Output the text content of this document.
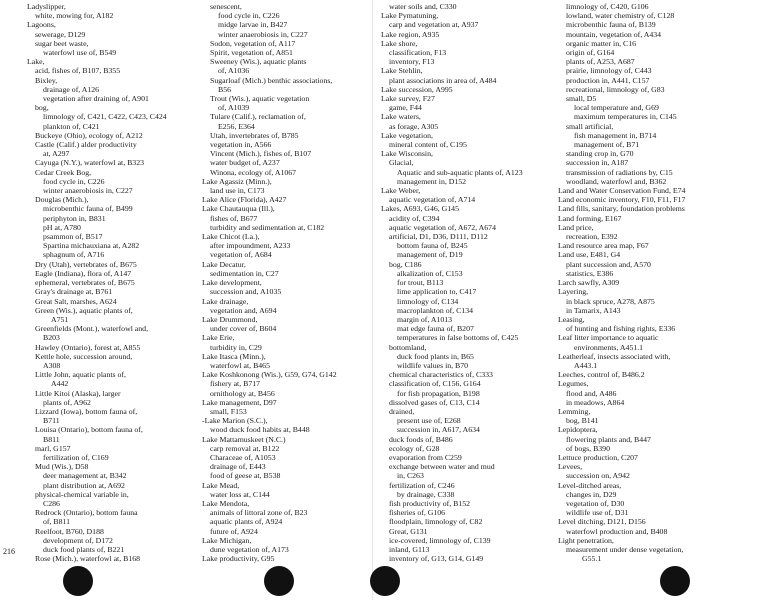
Ladyslipper,
white, mowing for, A182
Lagoons,
sewerage, D129
sugar beet waste,
waterfowl use of, B549
Lake,
acid, fishes of, B107, B355
Bixley,
drainage of, A126
vegetation after draining of, A901
bog,
limnology of, C421, C422, C423, C424
plankton of, C421
Buckeye (Ohio), ecology of, A212
Castle (Calif.) alder productivity
at, A297
Cayuga (N.Y.), waterfowl at, B323
Cedar Creek Bog,
food cycle in, C226
winter anaerobiosis in, C227
Douglas (Mich.),
microbenthic fauna of, B499
periphyton in, B831
pH at, A780
psammon of, B517
Spartina michauxiana at, A282
sphagnum of, A716
Dry (Utah), vertebrates of, B675
Eagle (Indiana), flora of, A147
ephemeral, vertebrates of, B675
Gray's drainage at, B761
Great Salt, marshes, A624
Green (Wis.), aquatic plants of,
A751
Greenfields (Mont.), waterfowl and,
B203
Hawley (Ontario), forest at, A855
Kettle hole, succession around,
A308
Little John, aquatic plants of,
A442
Little Kitoi (Alaska), larger
plants of, A962
Lizzard (Iowa), bottom fauna of,
B711
Louisa (Ontario), bottom fauna of,
B811
marl, G157
fertilization of, C169
Mud (Wis.), D58
deer management at, B342
plant distribution at, A692
physical-chemical variable in,
C286
Redrock (Ontario), bottom fauna
of, B811
Reelfoot, B760, D188
development of, D172
duck food plants of, B221
Rose (Mich.), waterfowl at, B168
senescent,
food cycle in, C226
midge larvae in, B427
winter anaerobiosis in, C227
Sodon, vegetation of, A117
Spirit, vegetation of, A851
Sweeney (Wis.), aquatic plants
of, A1036
Sugarloaf (Mich.) benthic associations,
B56
Trout (Wis.), aquatic vegetation
of, A1039
Tulare (Calif.), reclamation of,
E256, E364
Utah, invertebrates of, B785
vegetation in, A566
Vincent (Mich.), fishes of, B107
water budget of, A237
Winona, ecology of, A1067
Lake Agassiz (Minn.),
land use in, C173
Lake Alice (Florida), A427
Lake Chautauqua (Ill.),
fishes of, B677
turbidity and sedimentation at, C182
Lake Chicot (La.),
after impoundment, A233
vegetation of, A684
Lake Decatur,
sedimentation in, C27
Lake development,
succession and, A1035
Lake drainage,
vegetation and, A694
Lake Drummond,
under cover of, B604
Lake Erie,
turbidity in, C29
Lake Itasca (Minn.),
waterfowl at, B465
Lake Koshkonong (Wis.), G59, G74, G142
fishery at, B717
ornithology at, B456
Lake management, D97
small, F153
-Lake Marion (S.C.),
wood duck food habits at, B448
Lake Mattamuskeet (N.C.)
carp removal at, B122
Characeae of, A1053
drainage of, E443
food of geese at, B538
Lake Mead,
water loss at, C144
Lake Mendota,
animals of littoral zone of, B23
aquatic plants of, A924
future of, A924
Lake Michigan,
dune vegetation of, A173
Lake productivity, G95
water soils and, C330
Lake Pymatuning,
carp and vegetation at, A937
Lake region, A935
Lake shore,
classification, F13
inventory, F13
Lake Stehlin,
plant associations in area of, A484
Lake succession, A995
Lake survey, F27
game, F44
Lake waters,
as forage, A305
Lake vegetation,
mineral content of, C195
Lake Wisconsin,
Glacial,
Aquatic and sub-aquatic plants of, A123
management in, D152
Lake Weber,
aquatic vegetation of, A714
Lakes, A693, G46, G145
acidity of, C394
aquatic vegetation of, A672, A674
artificial, D1, D36, D111, D112
bottom fauna of, B245
management of, D19
bog, C186
alkalization of, C153
for trout, B113
lime application to, C417
limnology of, C134
macroplankton of, C134
margin of, A1013
mat edge fauna of, B207
temperatures in false bottoms of, C425
bottomland,
duck food plants in, B65
wildlife values in, B70
chemical characteristics of, C333
classification of, C156, G164
for fish propagation, B198
dissolved gases of, C13, C14
drained,
present use of, E268
succession in, A617, A634
duck foods of, B486
ecology of, G28
evaporation from C259
exchange between water and mud
in, C263
fertilization of, C246
by drainage, C338
fish productivity of, B152
fisheries of, G106
floodplain, limnology of, C82
Great, G131
ice-covered, limnology of, C139
inland, G113
inventory of, G13, G14, G149
limnology of, C420, G106
lowland, water chemistry of, C128
microbenthic fauna of, B139
mountain, vegetation of, A434
organic matter in, C16
origin of, G164
plants of, A253, A687
prairie, limnology of, C443
production in, A441, C157
recreational, limnology of, G83
small, D5
local temperature and, G69
maximum temperatures in, C145
small artificial,
fish management in, B714
management of, B71
standing crop in, G70
succession in, A187
transmission of radiations by, C15
woodland, waterfowl and, B362
Land and Water Conservation Fund, E74
Land economic inventory, F10, F11, F17
Land fills, sanitary, foundation problems
Land forming, E167
Land price,
recreation, E392
Land resource area map, F67
Land use, E481, G4
plant succession and, A570
statistics, E386
Larch sawfly, A309
Layering,
in black spruce, A278, A875
in Tamarix, A143
Leasing,
of hunting and fishing rights, E336
Leaf litter importance to aquatic
environments, A451.1
Leatherleaf, insects associated with,
A443.1
Leeches, control of, B486.2
Legumes,
flood and, A486
in meadows, A864
Lemming,
bog, B141
Lepidoptera,
flowering plants and, B447
of bogs, B390
Lettuce production, C207
Levees,
succession on, A942
Level-ditched areas,
changes in, D29
vegetation of, D30
wildlife use of, D31
Level ditching, D121, D156
waterfowl production and, B408
Light penetration,
measurement under dense vegetation,
G55.1
216
